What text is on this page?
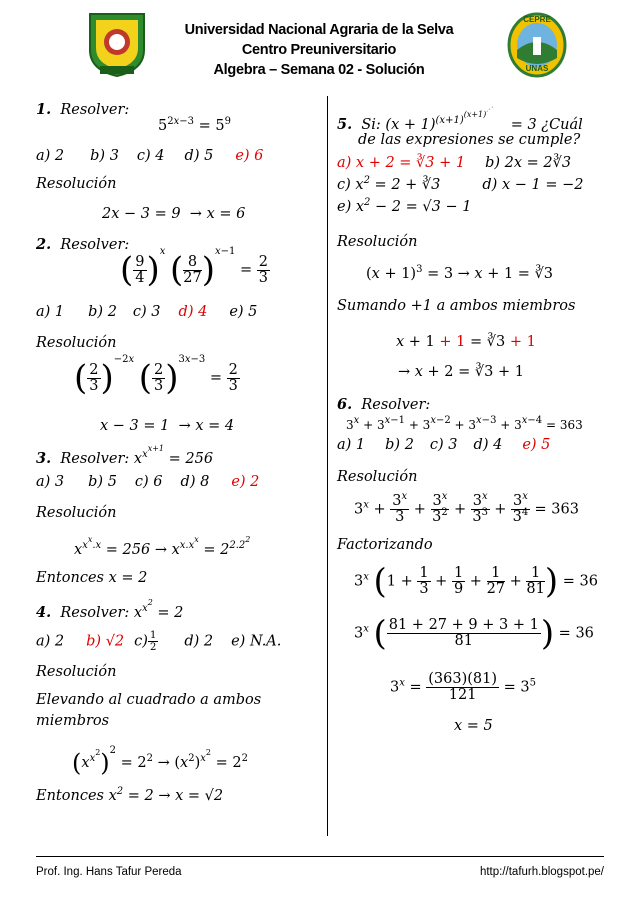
Universidad Nacional Agraria de la Selva
Centro Preuniversitario
Algebra – Semana 02 - Solución
CEPRE
UNAS
1. Resolver:
$5^{2𝑥-3} = 5^9$
a) 2 b) 3 c) 4 d) 5 e) 6
Resolución
2𝑥 − 3 = 9  → 𝑥 = 6
2. Resolver:
( $\frac{9}{4} )^𝑥$ ( $\frac{8}{27} )^{𝑥-1} = \frac{2}{3}$
a) 1 b) 2 c) 3 d) 4 e) 5
Resolución
( $\frac{2}{3} )^{-2𝑥}$ ( $\frac{2}{3} )^{3𝑥-3} = \frac{2}{3}$
𝑥 − 3 = 1  → 𝑥 = 4
3. Resolver: 𝑥$^{𝑥^{𝑥+1}}$ = 256
a) 3 b) 5 c) 6 d) 8 e) 2
Resolución
𝑥$^{𝑥^𝑥.𝑥}$ = 256 → 𝑥$^{𝑥.𝑥^𝑥}$ = $2^{2.2^2}$
Entonces 𝑥 = 2
4. Resolver: 𝑥$^{𝑥^2}$ = 2
a) 2 b) √2 $c) \frac{1}{2} d$) 2 e) N.A.
Resolución
Elevando al cuadrado a ambos
miembros
(𝑥$^{𝑥^2}$)$^2$ = $2^2$ → (𝑥$^2$)$^{𝑥^2}$ = $2^2$
Entonces 𝑥$^2$ = 2 → 𝑥 = √2
5. Si: (𝑥 + 1)$^{(𝑥+1)^{(𝑥+1)^⋰}}$    = 3 ¿Cuál
de las expresiones se cumple?
a) 𝑥 + 2 = ∛3 + 1 b) 2𝑥 = 2∛3
c) 𝑥$^2$ = 2 + ∛3	d) 𝑥 − 1 = −2
e) 𝑥$^2$ − 2 = √3 − 1
Resolución
(𝑥 + 1)$^3$ = 3 → 𝑥 + 1 = ∛3
Sumando +1 a ambos miembros
𝑥 + 1 + 1 = ∛3 + 1
→ 𝑥 + 2 = ∛3 + 1
6. Resolver:
$3^𝑥 + 3^{𝑥-1} + 3^{𝑥-2} + 3^{𝑥-3} + 3^{𝑥-4} = 363$
a) 1 b) 2 c) 3 d) 4 e) 5
Resolución
$3^𝑥 + \frac{3^𝑥}{3} + \frac{3^𝑥}{3^2} + \frac{3^𝑥}{3^3} + \frac{3^𝑥}{3^4} = 363$
Factorizando
$3^𝑥$ ($1 + \frac{1}{3} + \frac{1}{9} + \frac{1}{27} + \frac{1}{81}$ ) = 36
$3^𝑥$ ( $\frac{81 + 27 + 9 + 3 + 1}{81}$ ) = 36
$3^𝑥 = \frac{(363)(81)}{121} = 3^5$
𝑥 = 5
Prof. Ing. Hans Tafur Pereda	http://tafurh.blogspot.pe/
